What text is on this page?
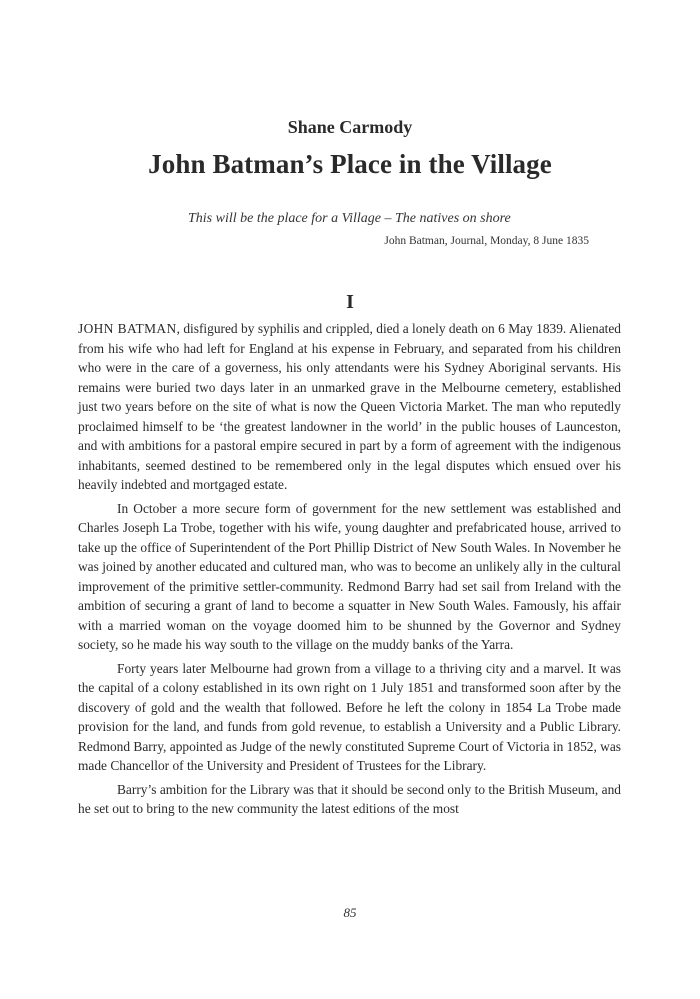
Shane Carmody
John Batman’s Place in the Village
This will be the place for a Village – The natives on shore
John Batman, Journal, Monday, 8 June 1835
I

JOHN BATMAN, disfigured by syphilis and crippled, died a lonely death on 6 May 1839. Alienated from his wife who had left for England at his expense in February, and separated from his children who were in the care of a governess, his only attendants were his Sydney Aboriginal servants. His remains were buried two days later in an unmarked grave in the Melbourne cemetery, established just two years before on the site of what is now the Queen Victoria Market. The man who reputedly proclaimed himself to be ‘the greatest landowner in the world’ in the public houses of Launceston, and with ambitions for a pastoral empire secured in part by a form of agreement with the indigenous inhabitants, seemed destined to be remembered only in the legal disputes which ensued over his heavily indebted and mortgaged estate.

In October a more secure form of government for the new settlement was established and Charles Joseph La Trobe, together with his wife, young daughter and prefabricated house, arrived to take up the office of Superintendent of the Port Phillip District of New South Wales. In November he was joined by another educated and cultured man, who was to become an unlikely ally in the cultural improvement of the primitive settler-community. Redmond Barry had set sail from Ireland with the ambition of securing a grant of land to become a squatter in New South Wales. Famously, his affair with a married woman on the voyage doomed him to be shunned by the Governor and Sydney society, so he made his way south to the village on the muddy banks of the Yarra.

Forty years later Melbourne had grown from a village to a thriving city and a marvel. It was the capital of a colony established in its own right on 1 July 1851 and transformed soon after by the discovery of gold and the wealth that followed. Before he left the colony in 1854 La Trobe made provision for the land, and funds from gold revenue, to establish a University and a Public Library. Redmond Barry, appointed as Judge of the newly constituted Supreme Court of Victoria in 1852, was made Chancellor of the University and President of Trustees for the Library.

Barry’s ambition for the Library was that it should be second only to the British Museum, and he set out to bring to the new community the latest editions of the most

85
